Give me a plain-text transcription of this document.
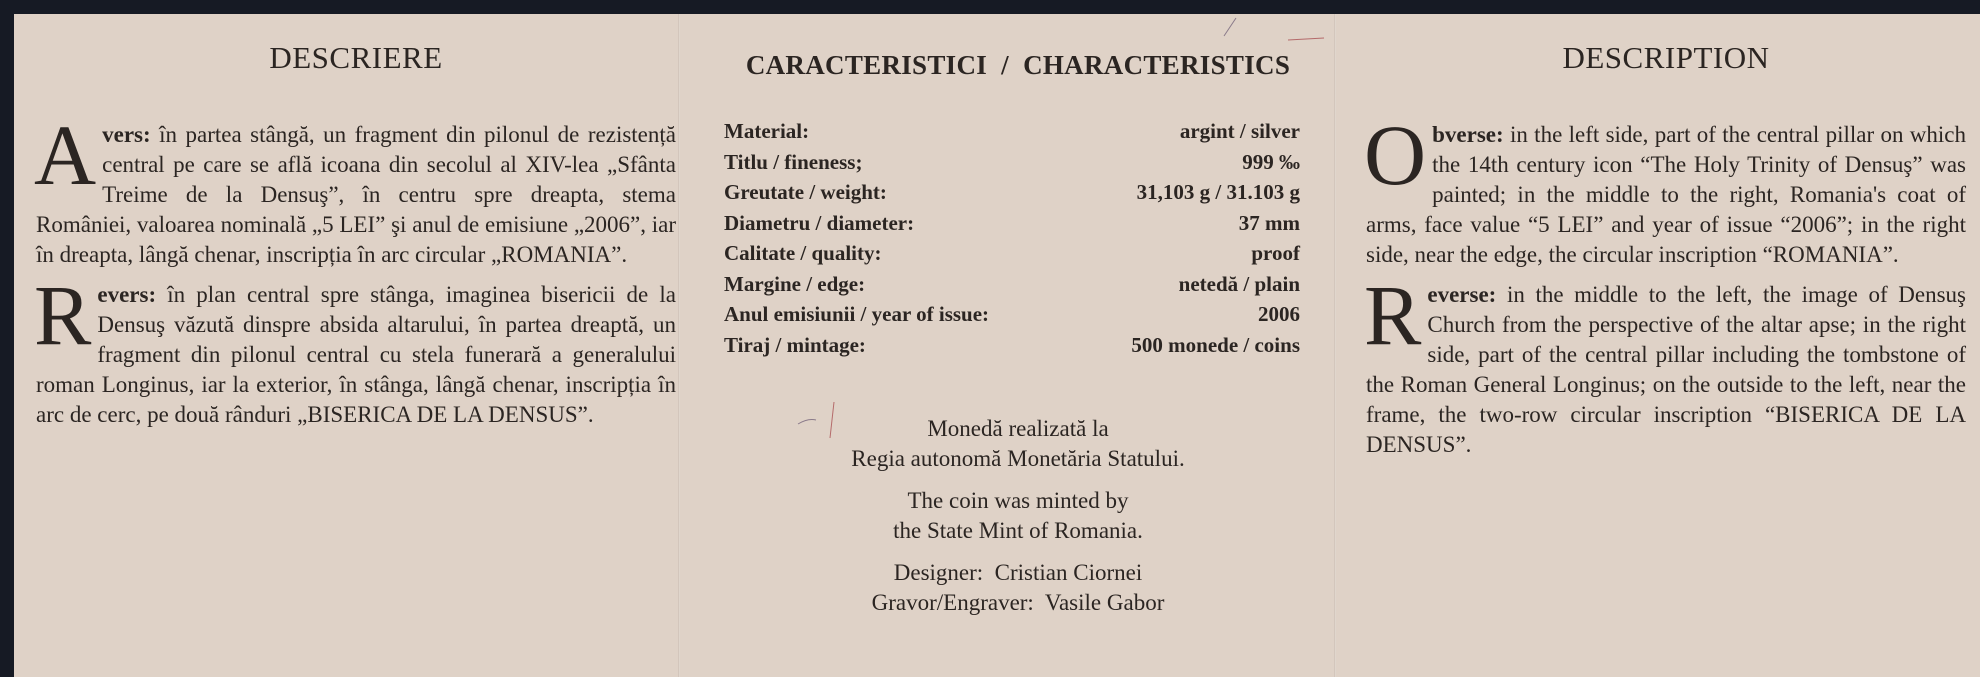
DESCRIERE

Avers: în partea stângă, un fragment din pilonul de rezistență central pe care se află icoana din secolul al XIV-lea „Sfânta Treime de la Densuş”, în centru spre dreapta, stema României, valoarea nominală „5 LEI” şi anul de emisiune „2006”, iar în dreapta, lângă chenar, inscripția în arc circular „ROMANIA”.

Revers: în plan central spre stânga, imaginea bisericii de la Densuş văzută dinspre absida altarului, în partea dreaptă, un fragment din pilonul central cu stela funerară a generalului roman Longinus, iar la exterior, în stânga, lângă chenar, inscripția în arc de cerc, pe două rânduri „BISERICA DE LA DENSUS”.

CARACTERISTICI  /  CHARACTERISTICS
Material:	argint / silver
Titlu / fineness;	999 ‰
Greutate / weight:	31,103 g / 31.103 g
Diametru / diameter:	37 mm
Calitate / quality:	proof
Margine / edge:	netedă / plain
Anul emisiunii / year of issue:	2006
Tiraj / mintage:	500 monede / coins
Monedă realizată la
Regia autonomă Monetăria Statului.
The coin was minted by
the State Mint of Romania.
Designer:  Cristian Ciornei
Gravor/Engraver:  Vasile Gabor
DESCRIPTION

Obverse: in the left side, part of the central pillar on which the 14th century icon “The Holy Trinity of Densuş” was painted; in the middle to the right, Romania's coat of arms, face value “5 LEI” and year of issue “2006”; in the right side, near the edge, the circular inscription “ROMANIA”.

Reverse: in the middle to the left, the image of Densuş Church from the perspective of the altar apse; in the right side, part of the central pillar including the tombstone of the Roman General Longinus; on the outside to the left, near the frame, the two-row circular inscription “BISERICA DE LA DENSUS”.
